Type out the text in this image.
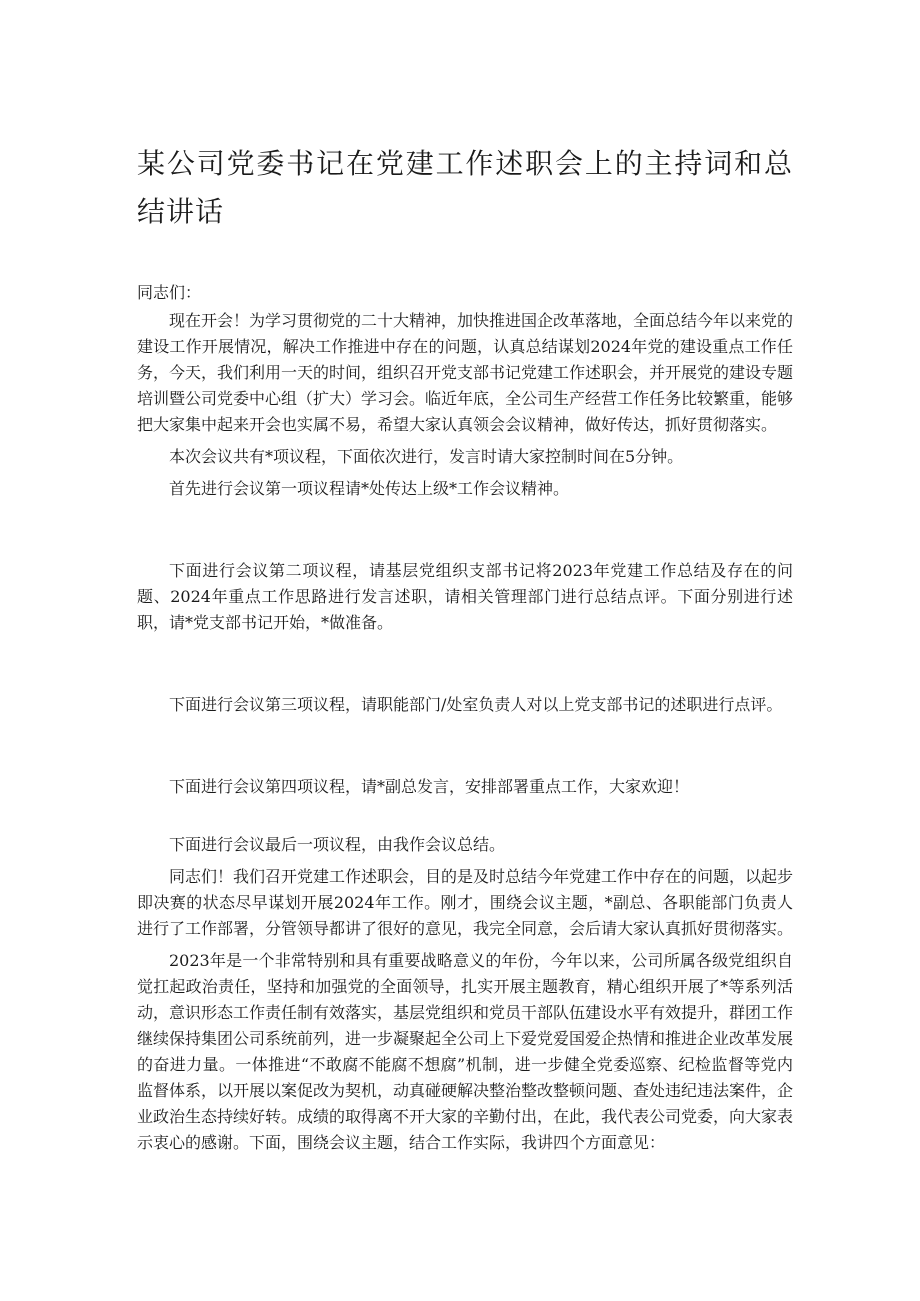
某公司党委书记在党建工作述职会上的主持词和总结讲话

同志们：

现在开会！为学习贯彻党的二十大精神，加快推进国企改革落地，全面总结今年以来党的建设工作开展情况，解决工作推进中存在的问题，认真总结谋划2024年党的建设重点工作任务，今天，我们利用一天的时间，组织召开党支部书记党建工作述职会，并开展党的建设专题培训暨公司党委中心组（扩大）学习会。临近年底，全公司生产经营工作任务比较繁重，能够把大家集中起来开会也实属不易，希望大家认真领会会议精神，做好传达，抓好贯彻落实。

本次会议共有*项议程，下面依次进行，发言时请大家控制时间在5分钟。

首先进行会议第一项议程请*处传达上级*工作会议精神。

下面进行会议第二项议程，请基层党组织支部书记将2023年党建工作总结及存在的问题、2024年重点工作思路进行发言述职，请相关管理部门进行总结点评。下面分别进行述职，请*党支部书记开始，*做准备。

下面进行会议第三项议程，请职能部门/处室负责人对以上党支部书记的述职进行点评。

下面进行会议第四项议程，请*副总发言，安排部署重点工作，大家欢迎！

下面进行会议最后一项议程，由我作会议总结。

同志们！我们召开党建工作述职会，目的是及时总结今年党建工作中存在的问题，以起步即决赛的状态尽早谋划开展2024年工作。刚才，围绕会议主题，*副总、各职能部门负责人进行了工作部署，分管领导都讲了很好的意见，我完全同意，会后请大家认真抓好贯彻落实。

2023年是一个非常特别和具有重要战略意义的年份，今年以来，公司所属各级党组织自觉扛起政治责任，坚持和加强党的全面领导，扎实开展主题教育，精心组织开展了*等系列活动，意识形态工作责任制有效落实，基层党组织和党员干部队伍建设水平有效提升，群团工作继续保持集团公司系统前列，进一步凝聚起全公司上下爱党爱国爱企热情和推进企业改革发展的奋进力量。一体推进“不敢腐不能腐不想腐”机制，进一步健全党委巡察、纪检监督等党内监督体系，以开展以案促改为契机，动真碰硬解决整治整改整顿问题、查处违纪违法案件，企业政治生态持续好转。成绩的取得离不开大家的辛勤付出，在此，我代表公司党委，向大家表示衷心的感谢。下面，围绕会议主题，结合工作实际，我讲四个方面意见：
